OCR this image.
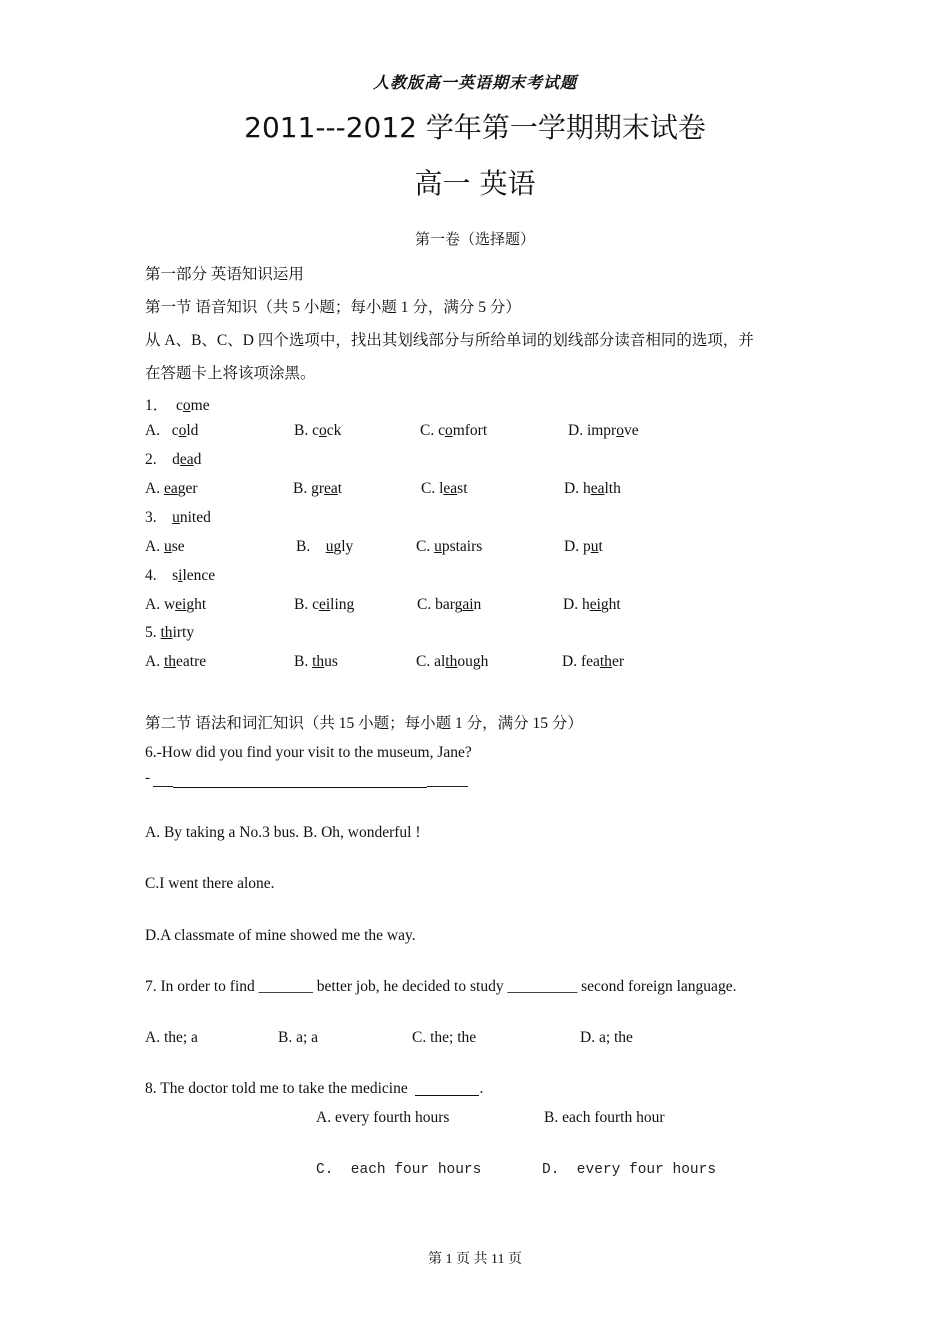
人教版高一英语期末考试题
2011---2012 学年第一学期期末试卷
高一 英语
第一卷（选择题）
第一部分 英语知识运用
第一节 语音知识（共 5 小题；每小题 1 分，满分 5 分）
从 A、B、C、D 四个选项中，找出其划线部分与所给单词的划线部分读音相同的选项，并
在答题卡上将该项涂黑。
1．  come
A.   cold	B. cock	C. comfort	D. improve
2.    dead
A. eager	B. great	C. least	D. health
3.    united
A. use	B.    ugly	C. upstairs	D. put
4.    silence
A. weight	B. ceiling	C. bargain	D. height
5. thirty
A. theatre	B. thus	C. although	D. feather
第二节 语法和词汇知识（共 15 小题；每小题 1 分，满分 15 分）
6.-How did you find your visit to the museum, Jane?
-
A. By taking a No.3 bus. B. Oh, wonderful !
C.I went there alone.
D.A classmate of mine showed me the way.
7. In order to find _______ better job, he decided to study _________ second foreign language.
A. the; a	B. a; a	C. the; the	D. a; the
8. The doctor told me to take the medicine	.
A. every fourth hours	B. each fourth hour
C.  each four hours	D.  every four hours
第 1 页 共 11 页
